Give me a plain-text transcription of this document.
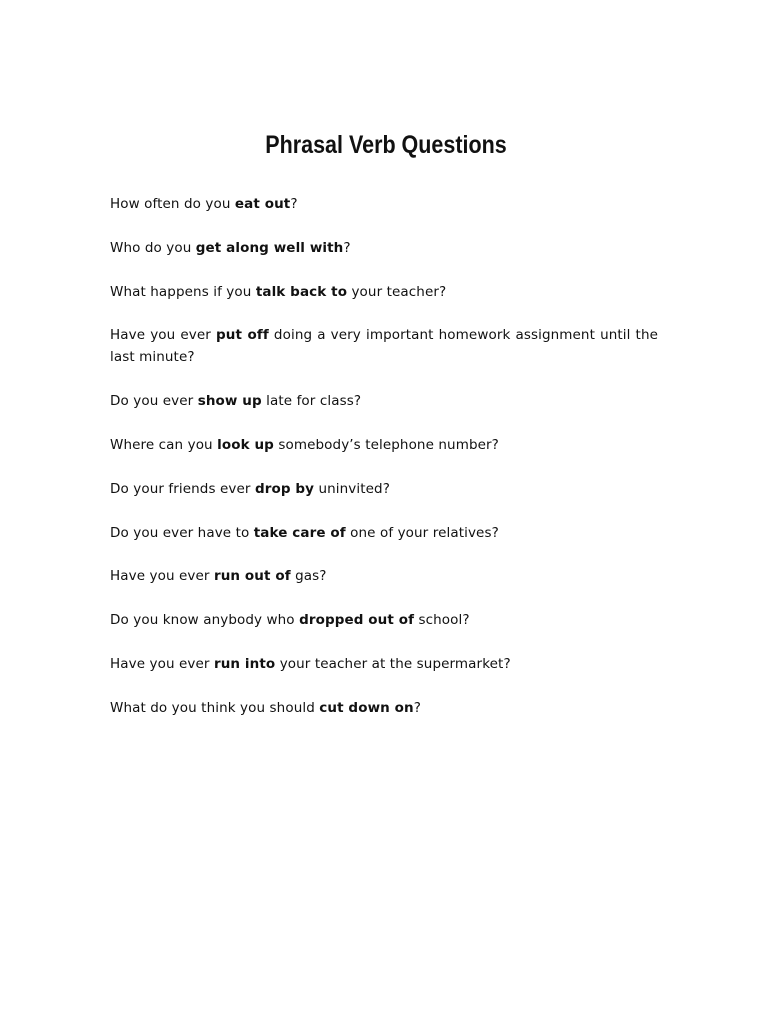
Phrasal Verb Questions
How often do you eat out?
Who do you get along well with?
What happens if you talk back to your teacher?
Have you ever put off doing a very important homework assignment until the last minute?
Do you ever show up late for class?
Where can you look up somebody’s telephone number?
Do your friends ever drop by uninvited?
Do you ever have to take care of one of your relatives?
Have you ever run out of gas?
Do you know anybody who dropped out of school?
Have you ever run into your teacher at the supermarket?
What do you think you should cut down on?
